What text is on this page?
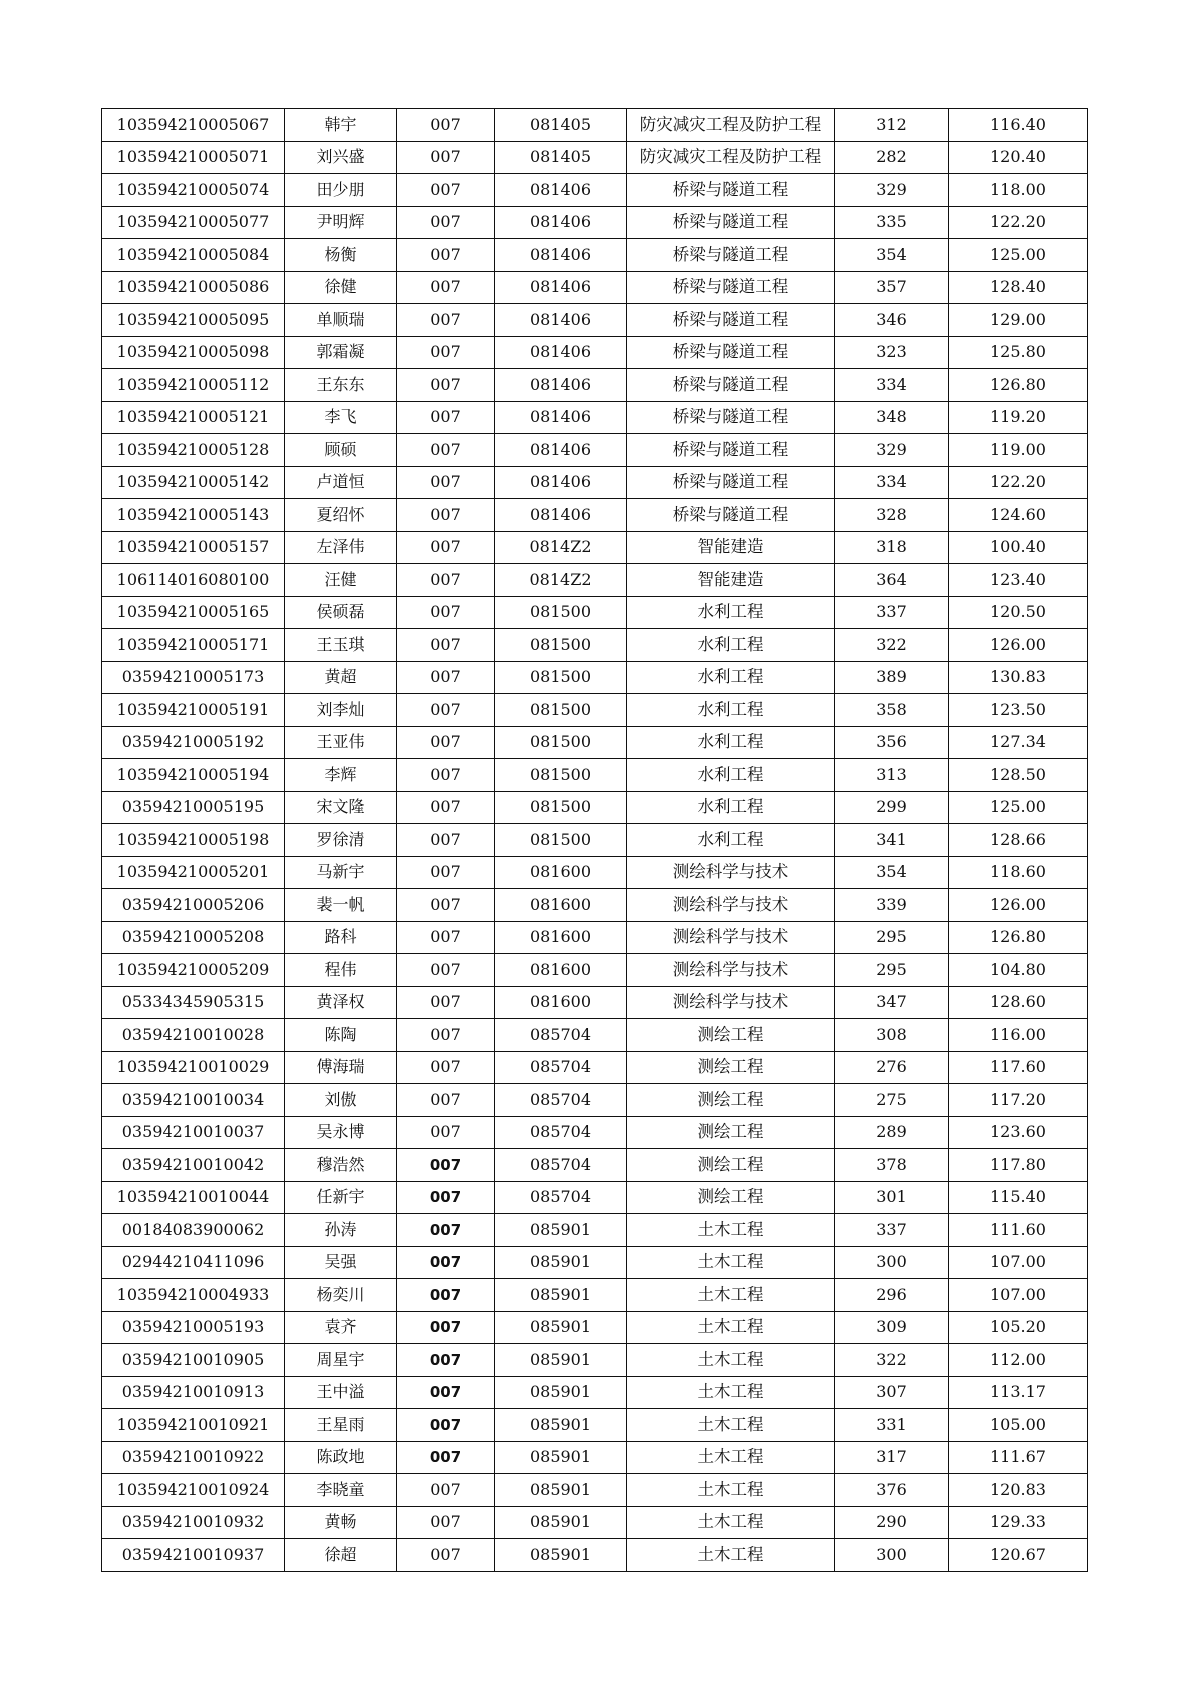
103594210005067	韩宇	007	081405	防灾减灾工程及防护工程	312	116.40
103594210005071	刘兴盛	007	081405	防灾减灾工程及防护工程	282	120.40
103594210005074	田少朋	007	081406	桥梁与隧道工程	329	118.00
103594210005077	尹明辉	007	081406	桥梁与隧道工程	335	122.20
103594210005084	杨衡	007	081406	桥梁与隧道工程	354	125.00
103594210005086	徐健	007	081406	桥梁与隧道工程	357	128.40
103594210005095	单顺瑞	007	081406	桥梁与隧道工程	346	129.00
103594210005098	郭霜凝	007	081406	桥梁与隧道工程	323	125.80
103594210005112	王东东	007	081406	桥梁与隧道工程	334	126.80
103594210005121	李飞	007	081406	桥梁与隧道工程	348	119.20
103594210005128	顾硕	007	081406	桥梁与隧道工程	329	119.00
103594210005142	卢道恒	007	081406	桥梁与隧道工程	334	122.20
103594210005143	夏绍怀	007	081406	桥梁与隧道工程	328	124.60
103594210005157	左泽伟	007	0814Z2	智能建造	318	100.40
106114016080100	汪健	007	0814Z2	智能建造	364	123.40
103594210005165	侯硕磊	007	081500	水利工程	337	120.50
103594210005171	王玉琪	007	081500	水利工程	322	126.00
03594210005173	黄超	007	081500	水利工程	389	130.83
103594210005191	刘李灿	007	081500	水利工程	358	123.50
03594210005192	王亚伟	007	081500	水利工程	356	127.34
103594210005194	李辉	007	081500	水利工程	313	128.50
03594210005195	宋文隆	007	081500	水利工程	299	125.00
103594210005198	罗徐清	007	081500	水利工程	341	128.66
103594210005201	马新宇	007	081600	测绘科学与技术	354	118.60
03594210005206	裴一帆	007	081600	测绘科学与技术	339	126.00
03594210005208	路科	007	081600	测绘科学与技术	295	126.80
103594210005209	程伟	007	081600	测绘科学与技术	295	104.80
05334345905315	黄泽权	007	081600	测绘科学与技术	347	128.60
03594210010028	陈陶	007	085704	测绘工程	308	116.00
103594210010029	傅海瑞	007	085704	测绘工程	276	117.60
03594210010034	刘傲	007	085704	测绘工程	275	117.20
03594210010037	吴永博	007	085704	测绘工程	289	123.60
03594210010042	穆浩然	007	085704	测绘工程	378	117.80
103594210010044	任新宇	007	085704	测绘工程	301	115.40
00184083900062	孙涛	007	085901	土木工程	337	111.60
02944210411096	吴强	007	085901	土木工程	300	107.00
103594210004933	杨奕川	007	085901	土木工程	296	107.00
03594210005193	袁齐	007	085901	土木工程	309	105.20
03594210010905	周星宇	007	085901	土木工程	322	112.00
03594210010913	王中溢	007	085901	土木工程	307	113.17
103594210010921	王星雨	007	085901	土木工程	331	105.00
03594210010922	陈政地	007	085901	土木工程	317	111.67
103594210010924	李晓童	007	085901	土木工程	376	120.83
03594210010932	黄畅	007	085901	土木工程	290	129.33
03594210010937	徐超	007	085901	土木工程	300	120.67
